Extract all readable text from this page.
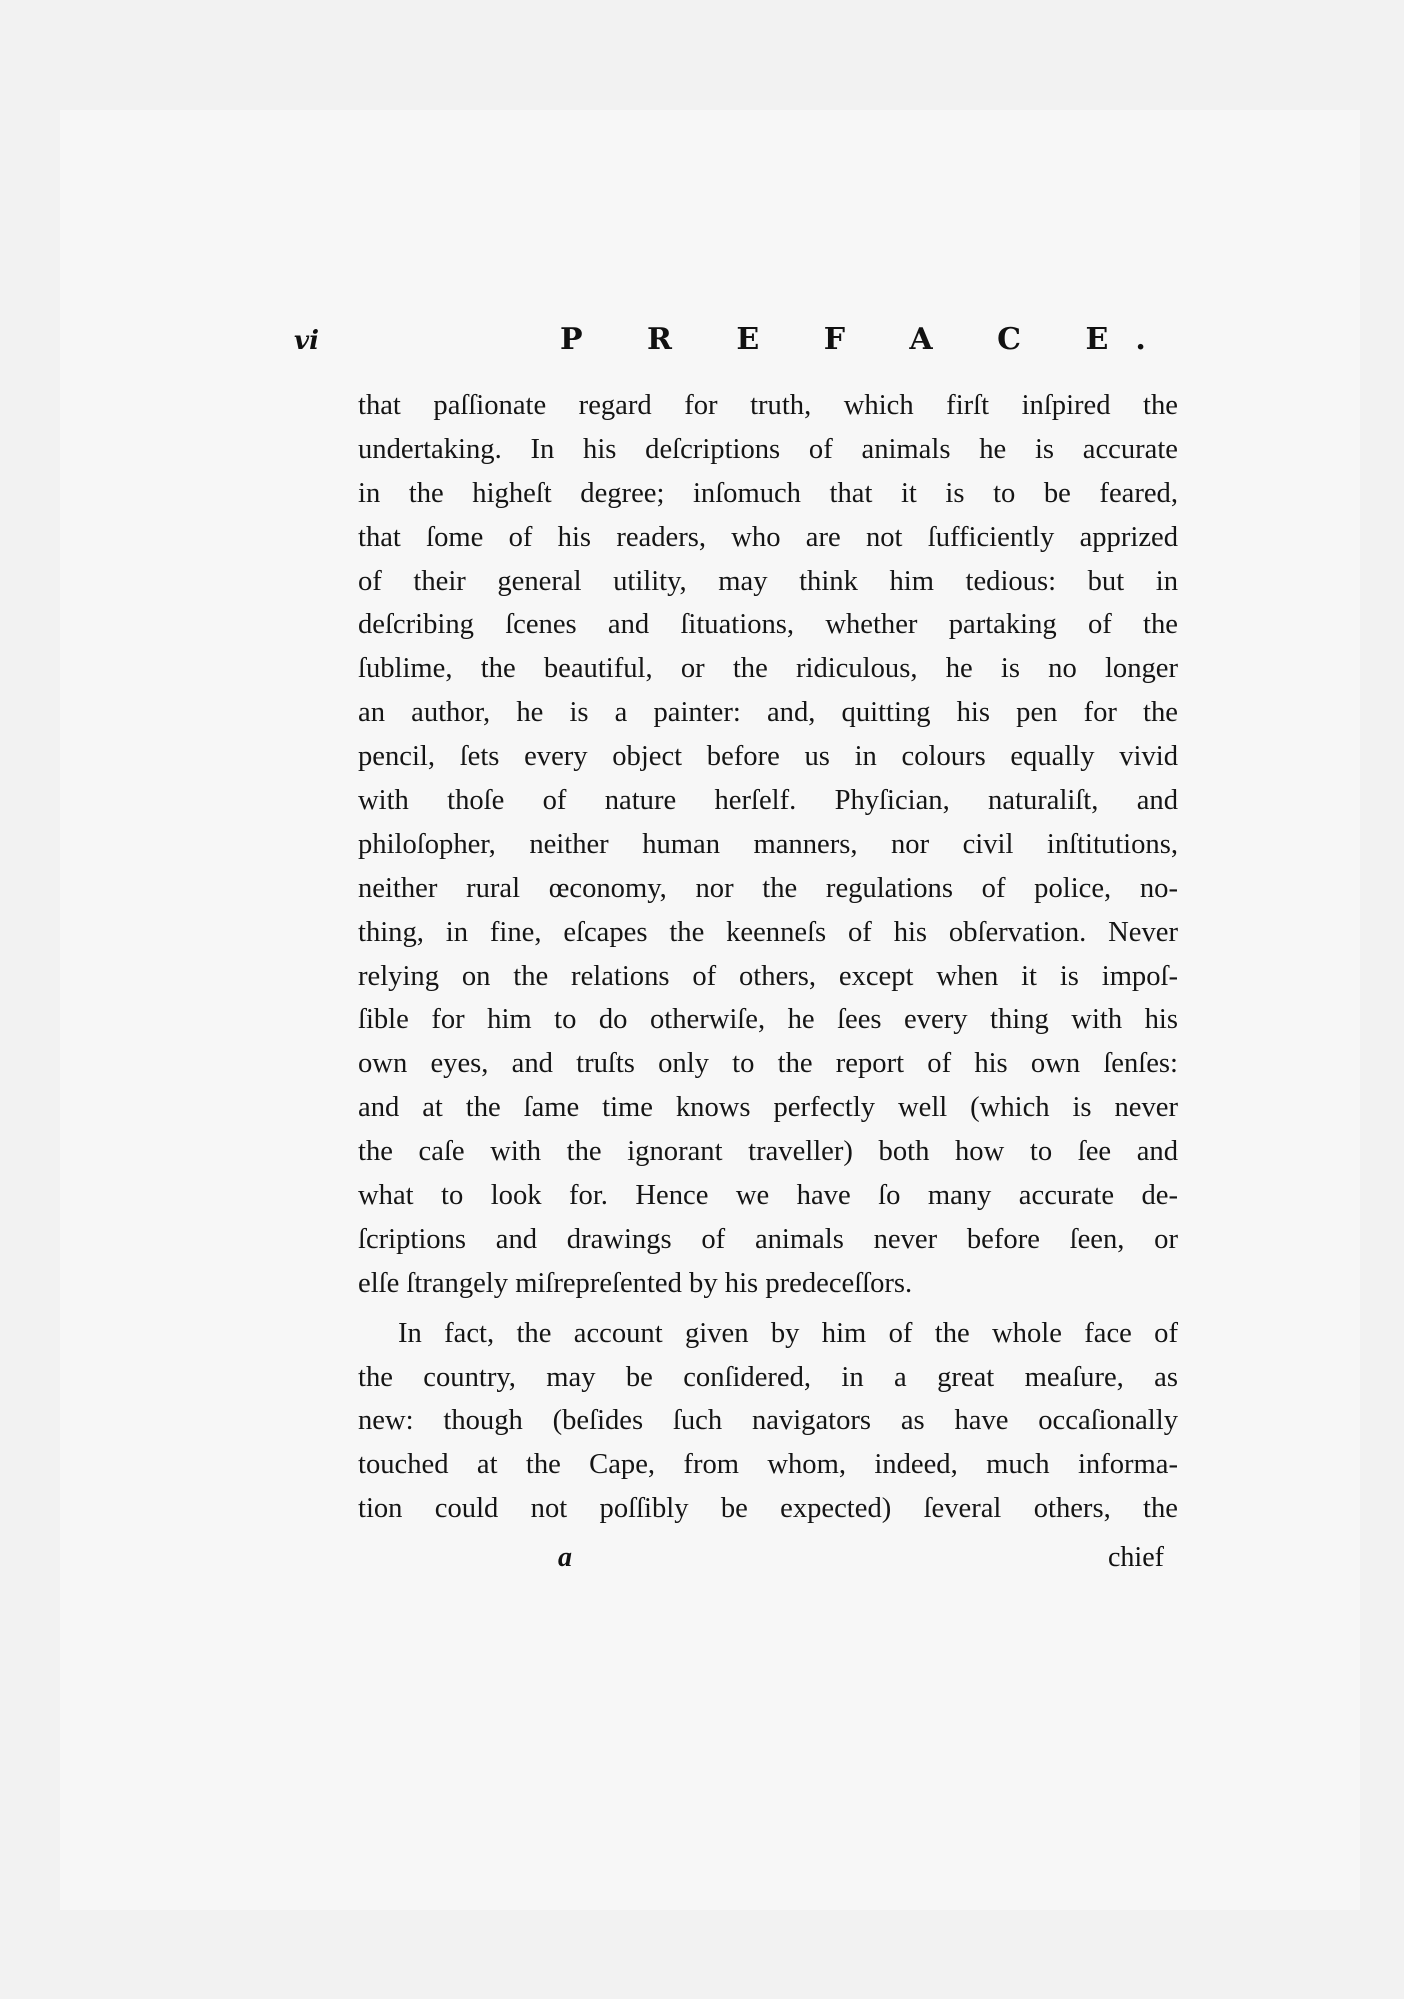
vi	P R E F A C E.
that paſſionate regard for truth, which firſt inſpired the
undertaking. In his deſcriptions of animals he is accurate
in the higheſt degree; inſomuch that it is to be feared,
that ſome of his readers, who are not ſufficiently apprized
of their general utility, may think him tedious: but in
deſcribing ſcenes and ſituations, whether partaking of the
ſublime, the beautiful, or the ridiculous, he is no longer
an author, he is a painter: and, quitting his pen for the
pencil, ſets every object before us in colours equally vivid
with thoſe of nature herſelf. Phyſician, naturaliſt, and
philoſopher, neither human manners, nor civil inſtitutions,
neither rural œconomy, nor the regulations of police, no-
thing, in fine, eſcapes the keenneſs of his obſervation. Never
relying on the relations of others, except when it is impoſ-
ſible for him to do otherwiſe, he ſees every thing with his
own eyes, and truſts only to the report of his own ſenſes:
and at the ſame time knows perfectly well (which is never
the caſe with the ignorant traveller) both how to ſee and
what to look for. Hence we have ſo many accurate de-
ſcriptions and drawings of animals never before ſeen, or
elſe ſtrangely miſrepreſented by his predeceſſors.
In fact, the account given by him of the whole face of
the country, may be conſidered, in a great meaſure, as
new: though (beſides ſuch navigators as have occaſionally
touched at the Cape, from whom, indeed, much informa-
tion could not poſſibly be expected) ſeveral others, the
a	chief
